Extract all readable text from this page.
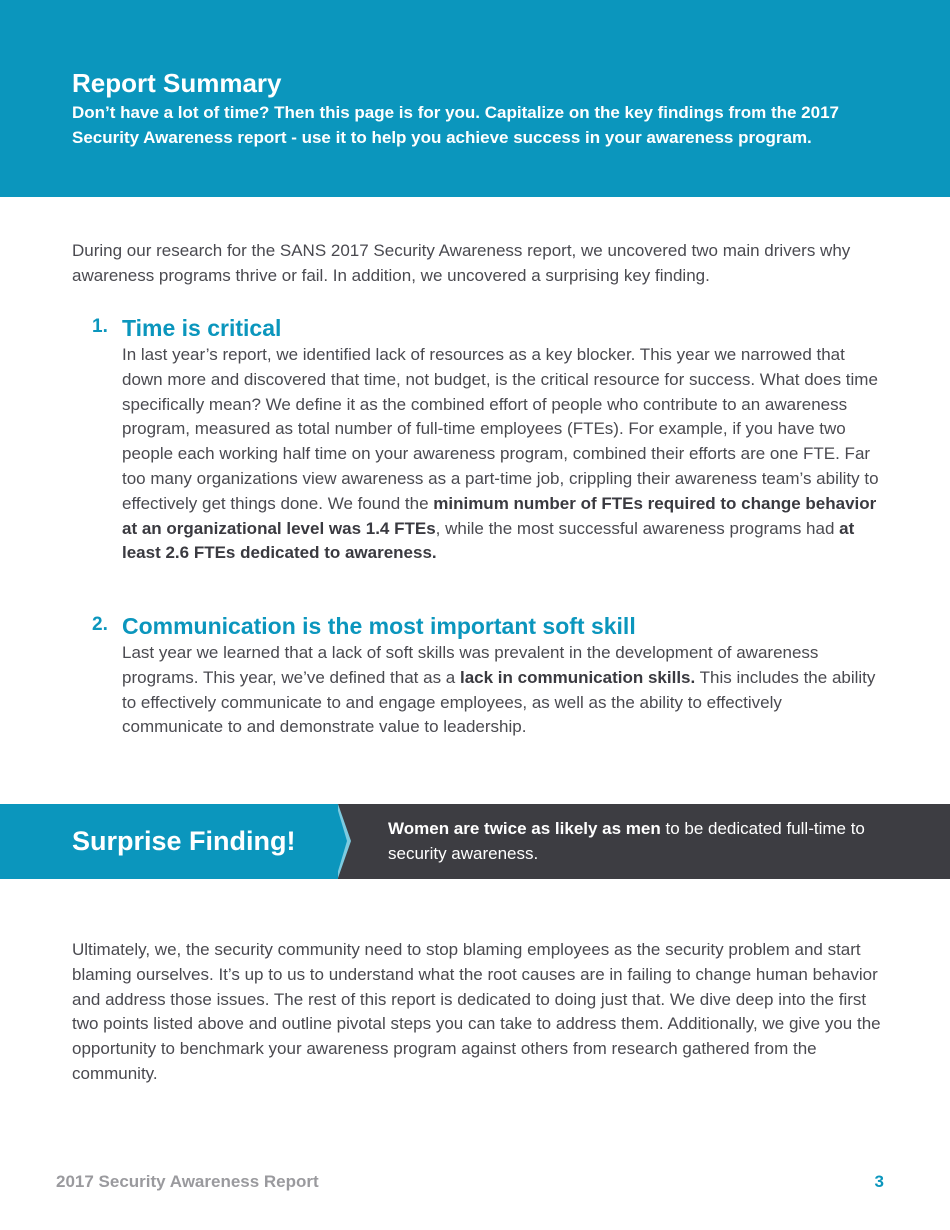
Report Summary

Don’t have a lot of time? Then this page is for you. Capitalize on the key findings from the 2017 Security Awareness report - use it to help you achieve success in your awareness program.

During our research for the SANS 2017 Security Awareness report, we uncovered two main drivers why awareness programs thrive or fail. In addition, we uncovered a surprising key finding.

1. Time is critical

In last year’s report, we identified lack of resources as a key blocker. This year we narrowed that down more and discovered that time, not budget, is the critical resource for success. What does time specifically mean? We define it as the combined effort of people who contribute to an awareness program, measured as total number of full-time employees (FTEs). For example, if you have two people each working half time on your awareness program, combined their efforts are one FTE. Far too many organizations view awareness as a part-time job, crippling their awareness team’s ability to effectively get things done. We found the minimum number of FTEs required to change behavior at an organizational level was 1.4 FTEs, while the most successful awareness programs had at least 2.6 FTEs dedicated to awareness.

2. Communication is the most important soft skill

Last year we learned that a lack of soft skills was prevalent in the development of awareness programs. This year, we’ve defined that as a lack in communication skills. This includes the ability to effectively communicate to and engage employees, as well as the ability to effectively communicate to and demonstrate value to leadership.

Surprise Finding!	Women are twice as likely as men to be dedicated full-time to security awareness.

Ultimately, we, the security community need to stop blaming employees as the security problem and start blaming ourselves. It’s up to us to understand what the root causes are in failing to change human behavior and address those issues. The rest of this report is dedicated to doing just that. We dive deep into the first two points listed above and outline pivotal steps you can take to address them. Additionally, we give you the opportunity to benchmark your awareness program against others from research gathered from the community.

2017 Security Awareness Report	3
